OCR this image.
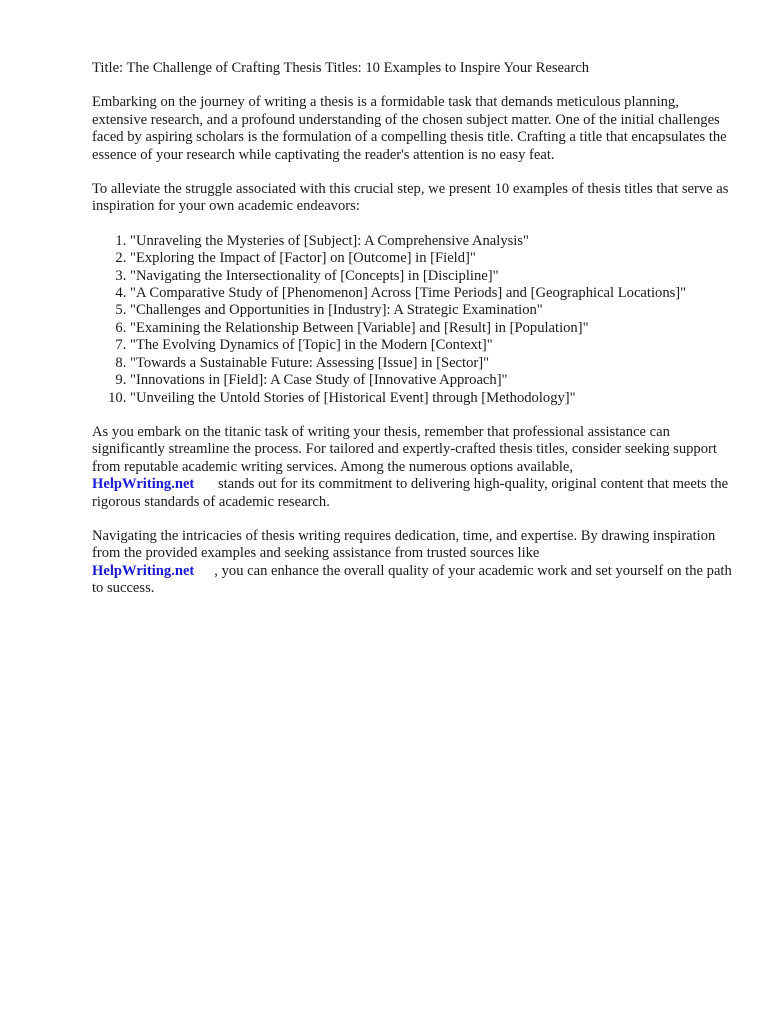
Title: The Challenge of Crafting Thesis Titles: 10 Examples to Inspire Your Research

Embarking on the journey of writing a thesis is a formidable task that demands meticulous planning, extensive research, and a profound understanding of the chosen subject matter. One of the initial challenges faced by aspiring scholars is the formulation of a compelling thesis title. Crafting a title that encapsulates the essence of your research while captivating the reader's attention is no easy feat.

To alleviate the struggle associated with this crucial step, we present 10 examples of thesis titles that serve as inspiration for your own academic endeavors:

1. "Unraveling the Mysteries of [Subject]: A Comprehensive Analysis"
2. "Exploring the Impact of [Factor] on [Outcome] in [Field]"
3. "Navigating the Intersectionality of [Concepts] in [Discipline]"
4. "A Comparative Study of [Phenomenon] Across [Time Periods] and [Geographical Locations]"
5. "Challenges and Opportunities in [Industry]: A Strategic Examination"
6. "Examining the Relationship Between [Variable] and [Result] in [Population]"
7. "The Evolving Dynamics of [Topic] in the Modern [Context]"
8. "Towards a Sustainable Future: Assessing [Issue] in [Sector]"
9. "Innovations in [Field]: A Case Study of [Innovative Approach]"
10. "Unveiling the Untold Stories of [Historical Event] through [Methodology]"

As you embark on the titanic task of writing your thesis, remember that professional assistance can significantly streamline the process. For tailored and expertly-crafted thesis titles, consider seeking support from reputable academic writing services. Among the numerous options available,
HelpWriting.net stands out for its commitment to delivering high-quality, original content that meets the rigorous standards of academic research.

Navigating the intricacies of thesis writing requires dedication, time, and expertise. By drawing inspiration from the provided examples and seeking assistance from trusted sources like
HelpWriting.net , you can enhance the overall quality of your academic work and set yourself on the path to success.
